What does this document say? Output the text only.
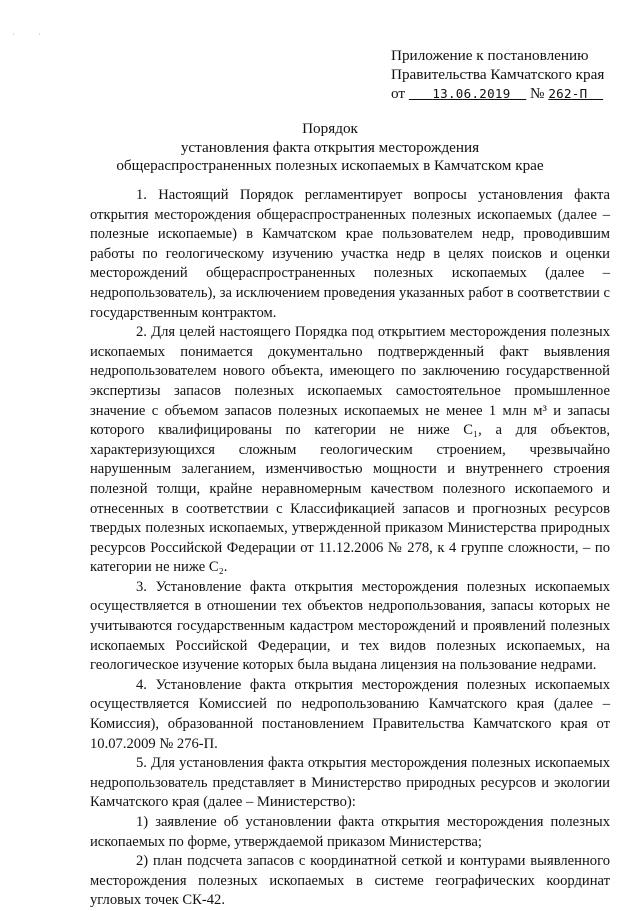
·	·
Приложение к постановлению
Правительства Камчатского края
от 13.06.2019 № 262-П
Порядок
установления факта открытия месторождения
общераспространенных полезных ископаемых в Камчатском крае

1. Настоящий Порядок регламентирует вопросы установления факта открытия месторождения общераспространенных полезных ископаемых (далее – полезные ископаемые) в Камчатском крае пользователем недр, проводившим работы по геологическому изучению участка недр в целях поисков и оценки месторождений общераспространенных полезных ископаемых (далее – недропользователь), за исключением проведения указанных работ в соответствии с государственным контрактом.

2. Для целей настоящего Порядка под открытием месторождения полезных ископаемых понимается документально подтвержденный факт выявления недропользователем нового объекта, имеющего по заключению государственной экспертизы запасов полезных ископаемых самостоятельное промышленное значение с объемом запасов полезных ископаемых не менее 1 млн м³ и запасы которого квалифицированы по категории не ниже С₁, а для объектов, характеризующихся сложным геологическим строением, чрезвычайно нарушенным залеганием, изменчивостью мощности и внутреннего строения полезной толщи, крайне неравномерным качеством полезного ископаемого и отнесенных в соответствии с Классификацией запасов и прогнозных ресурсов твердых полезных ископаемых, утвержденной приказом Министерства природных ресурсов Российской Федерации от 11.12.2006 № 278, к 4 группе сложности, – по категории не ниже С₂.

3. Установление факта открытия месторождения полезных ископаемых осуществляется в отношении тех объектов недропользования, запасы которых не учитываются государственным кадастром месторождений и проявлений полезных ископаемых Российской Федерации, и тех видов полезных ископаемых, на геологическое изучение которых была выдана лицензия на пользование недрами.

4. Установление факта открытия месторождения полезных ископаемых осуществляется Комиссией по недропользованию Камчатского края (далее – Комиссия), образованной постановлением Правительства Камчатского края от 10.07.2009 № 276-П.

5. Для установления факта открытия месторождения полезных ископаемых недропользователь представляет в Министерство природных ресурсов и экологии Камчатского края (далее – Министерство):

1) заявление об установлении факта открытия месторождения полезных ископаемых по форме, утверждаемой приказом Министерства;

2) план подсчета запасов с координатной сеткой и контурами выявленного месторождения полезных ископаемых в системе географических координат угловых точек СК-42.
